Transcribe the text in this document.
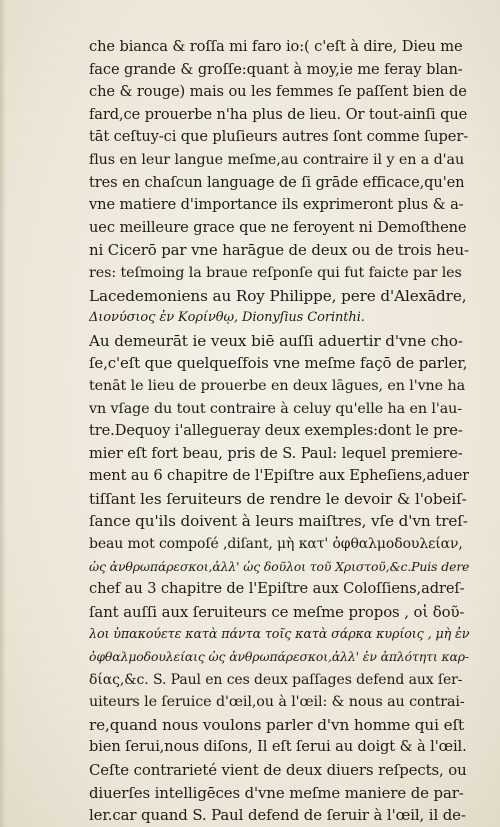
che bianca & roſſa mi faro io:( c'eſt à dire, Dieu me
face grande & groſſe:quant à moy,ie me feray blan-
che & rouge) mais ou les femmes ſe paſſent bien de
fard,ce prouerbe n'ha plus de lieu. Or tout-ainſi que
tāt ceſtuy-ci que pluſieurs autres ſont comme ſuper-
flus en leur langue meſme,au contraire il y en a d'au
tres en chaſcun language de ſi grāde efficace,qu'en
vne matiere d'importance ils exprimeront plus & a-
uec meilleure grace que ne feroyent ni Demoſthene
ni Cicerō par vne harāgue de deux ou de trois heu-
res: teſmoing la braue reſponſe qui fut faicte par les
Lacedemoniens au Roy Philippe, pere d'Alexādre,
Διονύσιος ἐν Κορίνθῳ, Dionyſius Corinthi.
Au demeurāt ie veux biē auſſi aduertir d'vne cho-
ſe,c'eſt que quelqueſfois vne meſme façō de parler,
tenāt le lieu de prouerbe en deux lāgues, en l'vne ha
vn vſage du tout contraire à celuy qu'elle ha en l'au-
tre.Dequoy i'allegueray deux exemples:dont le pre-
mier eſt fort beau, pris de S. Paul: lequel premiere-
ment au 6 chapitre de l'Epiſtre aux Epheſiens,aduer
tiſſant les ſeruiteurs de rendre le devoir & l'obeiſ-
ſance qu'ils doivent à leurs maiſtres, vſe d'vn treſ-
beau mot compoſé ,diſant, μὴ κατ' ὀφθαλμοδουλείαν,
ὡς ἀνθρωπάρεσκοι,ἀλλ' ὡς δοῦλοι τοῦ Χριστοῦ,&c.Puis dere
chef au 3 chapitre de l'Epiſtre aux Coloſſiens,adreſ-
ſant auſſi aux ſeruiteurs ce meſme propos , οἱ δοῦ-
λοι ὑπακούετε κατὰ πάντα τοῖς κατὰ σάρκα κυρίοις , μὴ ἐν
ὀφθαλμοδουλείαις ὡς ἀνθρωπάρεσκοι,ἀλλ' ἐν ἁπλότητι καρ-
δίας,&c. S. Paul en ces deux paſſages defend aux ſer-
uiteurs le ſeruice d'œil,ou à l'œil: & nous au contrai-
re,quand nous voulons parler d'vn homme qui eſt
bien ſerui,nous diſons, Il eſt ſerui au doigt & à l'œil.
Ceſte contrarieté vient de deux diuers reſpects, ou
diuerſes intelligēces d'vne meſme maniere de par-
ler.car quand S. Paul defend de ſeruir à l'œil, il de-
